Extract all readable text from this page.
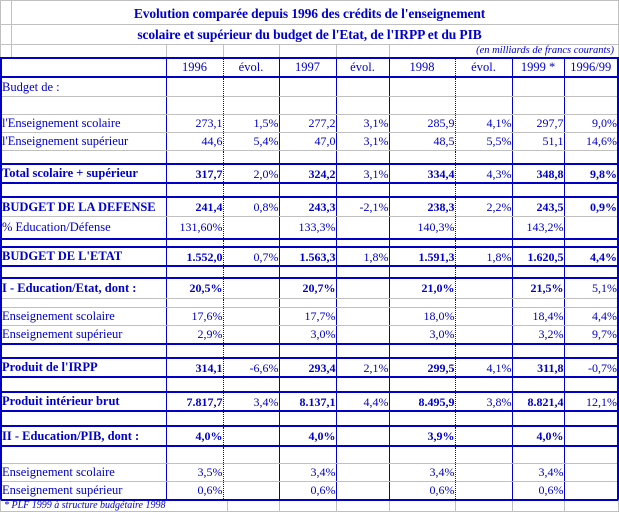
Evolution comparée depuis 1996 des crédits de l'enseignement
scolaire et supérieur du budget de l'Etat, de l'IRPP et du PIB
(en milliards de francs courants)
	1996	évol.	1997	évol.	1998	évol.	1999 *	1996/99
Budget de :								

l'Enseignement scolaire	273,1	1,5%	277,2	3,1%	285,9	4,1%	297,7	9,0%
l'Enseignement supérieur	44,6	5,4%	47,0	3,1%	48,5	5,5%	51,1	14,6%

Total scolaire + supérieur	317,7	2,0%	324,2	3,1%	334,4	4,3%	348,8	9,8%

BUDGET DE LA DEFENSE	241,4	0,8%	243,3	-2,1%	238,3	2,2%	243,5	0,9%
% Education/Défense	131,60%		133,3%		140,3%		143,2%	

BUDGET DE L'ETAT	1.552,0	0,7%	1.563,3	1,8%	1.591,3	1,8%	1.620,5	4,4%

I - Education/Etat, dont :	20,5%		20,7%		21,0%		21,5%	5,1%

Enseignement scolaire	17,6%		17,7%		18,0%		18,4%	4,4%
Enseignement supérieur	2,9%		3,0%		3,0%		3,2%	9,7%

Produit de l'IRPP	314,1	-6,6%	293,4	2,1%	299,5	4,1%	311,8	-0,7%

Produit intérieur brut	7.817,7	3,4%	8.137,1	4,4%	8.495,9	3,8%	8.821,4	12,1%

II - Education/PIB, dont :	4,0%		4,0%		3,9%		4,0%	

Enseignement scolaire	3,5%		3,4%		3,4%		3,4%	
Enseignement supérieur	0,6%		0,6%		0,6%		0,6%	
* PLF 1999 à structure budgétaire 1998
